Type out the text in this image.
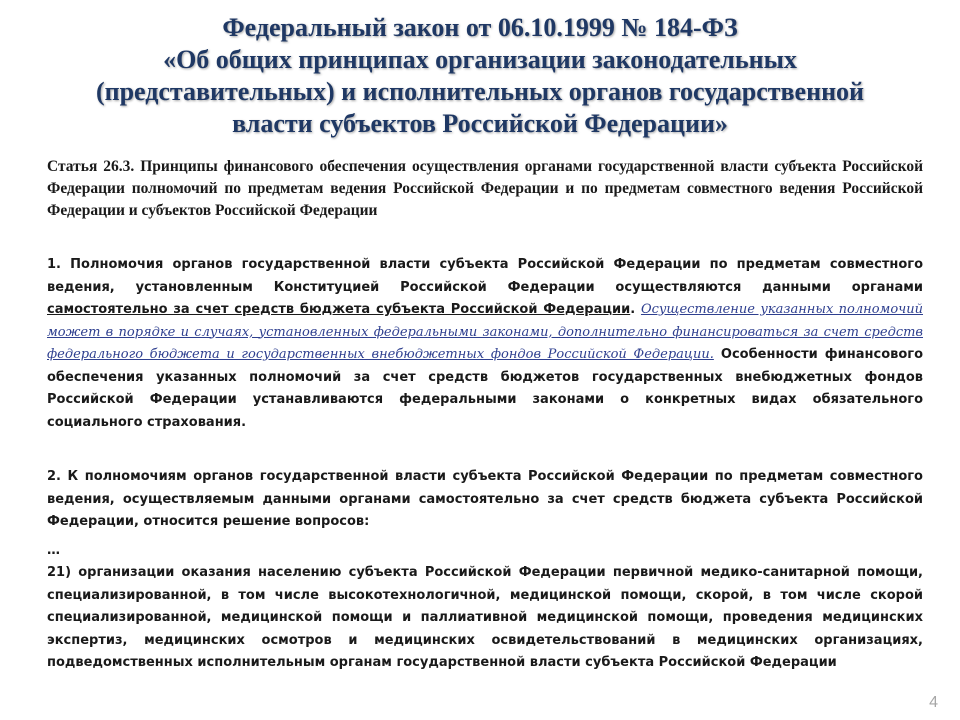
Федеральный закон от 06.10.1999 № 184-ФЗ
«Об общих принципах организации законодательных
(представительных) и исполнительных органов государственной
власти субъектов Российской Федерации»

Статья 26.3. Принципы финансового обеспечения осуществления органами государственной власти субъекта Российской Федерации полномочий по предметам ведения Российской Федерации и по предметам совместного ведения Российской Федерации и субъектов Российской Федерации

1. Полномочия органов государственной власти субъекта Российской Федерации по предметам совместного ведения, установленным Конституцией Российской Федерации осуществляются данными органами самостоятельно за счет средств бюджета субъекта Российской Федерации. Осуществление указанных полномочий может в порядке и случаях, установленных федеральными законами, дополнительно финансироваться за счет средств федерального бюджета и государственных внебюджетных фондов Российской Федерации. Особенности финансового обеспечения указанных полномочий за счет средств бюджетов государственных внебюджетных фондов Российской Федерации устанавливаются федеральными законами о конкретных видах обязательного социального страхования.

2. К полномочиям органов государственной власти субъекта Российской Федерации по предметам совместного ведения, осуществляемым данными органами самостоятельно за счет средств бюджета субъекта Российской Федерации, относится решение вопросов:

…

21) организации оказания населению субъекта Российской Федерации первичной медико-санитарной помощи, специализированной, в том числе высокотехнологичной, медицинской помощи, скорой, в том числе скорой специализированной, медицинской помощи и паллиативной медицинской помощи, проведения медицинских экспертиз, медицинских осмотров и медицинских освидетельствований в медицинских организациях, подведомственных исполнительным органам государственной власти субъекта Российской Федерации

4
